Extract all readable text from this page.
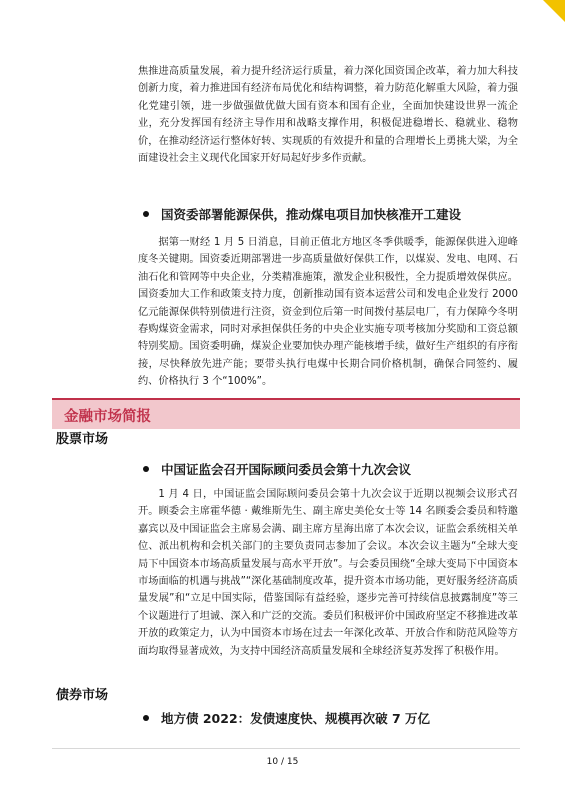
焦推进高质量发展，着力提升经济运行质量，着力深化国资国企改革，着力加大科技创新力度，着力推进国有经济布局优化和结构调整，着力防范化解重大风险，着力强化党建引领，进一步做强做优做大国有资本和国有企业，全面加快建设世界一流企业，充分发挥国有经济主导作用和战略支撑作用，积极促进稳增长、稳就业、稳物价，在推动经济运行整体好转、实现质的有效提升和量的合理增长上勇挑大梁，为全面建设社会主义现代化国家开好局起好步多作贡献。

国资委部署能源保供，推动煤电项目加快核准开工建设

据第一财经 1 月 5 日消息，目前正值北方地区冬季供暖季，能源保供进入迎峰度冬关键期。国资委近期部署进一步高质量做好保供工作，以煤炭、发电、电网、石油石化和管网等中央企业，分类精准施策，激发企业积极性，全力提质增效保供应。国资委加大工作和政策支持力度，创新推动国有资本运营公司和发电企业发行 2000 亿元能源保供特别债进行注资，资金到位后第一时间拨付基层电厂，有力保障今冬明春购煤资金需求，同时对承担保供任务的中央企业实施专项考核加分奖励和工资总额特别奖励。国资委明确，煤炭企业要加快办理产能核增手续，做好生产组织的有序衔接，尽快释放先进产能；要带头执行电煤中长期合同价格机制，确保合同签约、履约、价格执行 3 个“100%”。

金融市场简报
股票市场
中国证监会召开国际顾问委员会第十九次会议

1 月 4 日，中国证监会国际顾问委员会第十九次会议于近期以视频会议形式召开。顾委会主席霍华德 · 戴维斯先生、副主席史美伦女士等 14 名顾委会委员和特邀嘉宾以及中国证监会主席易会满、副主席方星海出席了本次会议，证监会系统相关单位、派出机构和会机关部门的主要负责同志参加了会议。本次会议主题为“全球大变局下中国资本市场高质量发展与高水平开放”。与会委员围绕“全球大变局下中国资本市场面临的机遇与挑战”“深化基础制度改革，提升资本市场功能，更好服务经济高质量发展”和“立足中国实际，借鉴国际有益经验，逐步完善可持续信息披露制度”等三个议题进行了坦诚、深入和广泛的交流。委员们积极评价中国政府坚定不移推进改革开放的政策定力，认为中国资本市场在过去一年深化改革、开放合作和防范风险等方面均取得显著成效，为支持中国经济高质量发展和全球经济复苏发挥了积极作用。

债券市场
地方债 2022：发债速度快、规模再次破 7 万亿
10 / 15
